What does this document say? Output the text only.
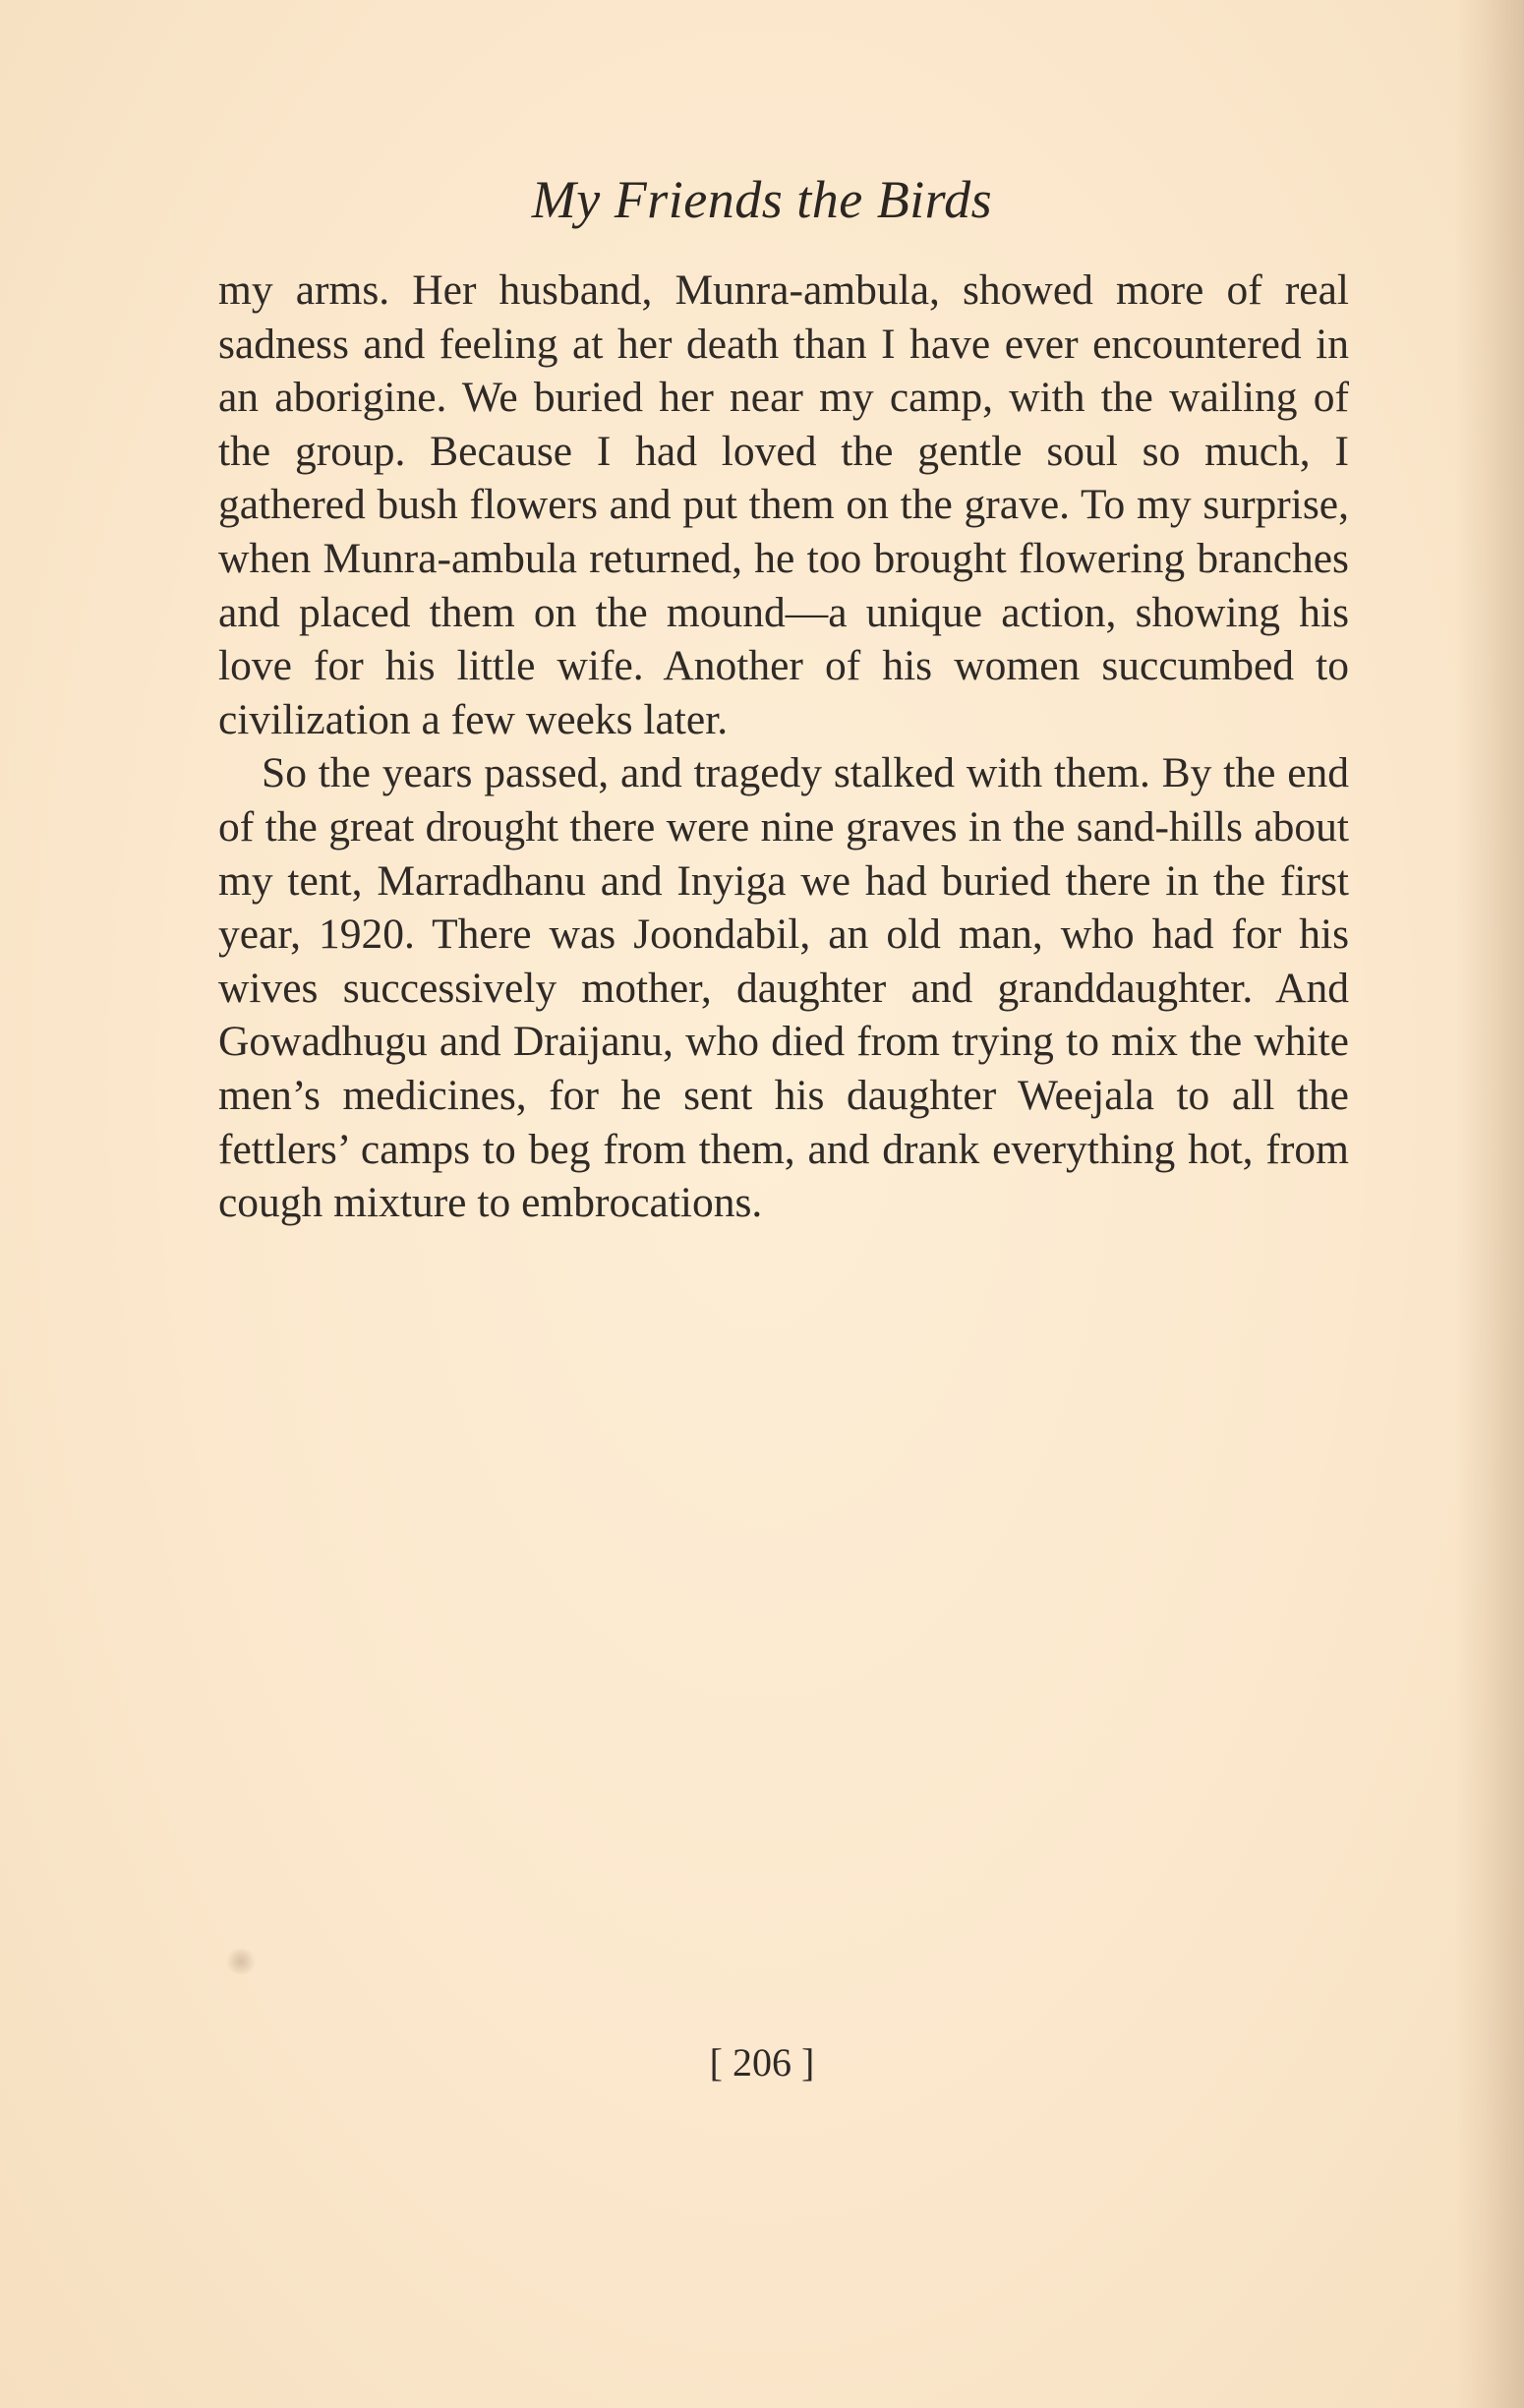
My Friends the Birds

my arms. Her husband, Munra-ambula, showed more of real sadness and feeling at her death than I have ever encountered in an aborigine. We buried her near my camp, with the wailing of the group. Because I had loved the gentle soul so much, I gathered bush flowers and put them on the grave. To my surprise, when Munra-ambula returned, he too brought flowering branches and placed them on the mound—a unique action, showing his love for his little wife. Another of his women succumbed to civilization a few weeks later.

So the years passed, and tragedy stalked with them. By the end of the great drought there were nine graves in the sand-hills about my tent, Marradhanu and Inyiga we had buried there in the first year, 1920. There was Joondabil, an old man, who had for his wives successively mother, daughter and granddaughter. And Gowadhugu and Draijanu, who died from trying to mix the white men’s medicines, for he sent his daughter Weejala to all the fettlers’ camps to beg from them, and drank everything hot, from cough mixture to embrocations.

[ 206 ]
